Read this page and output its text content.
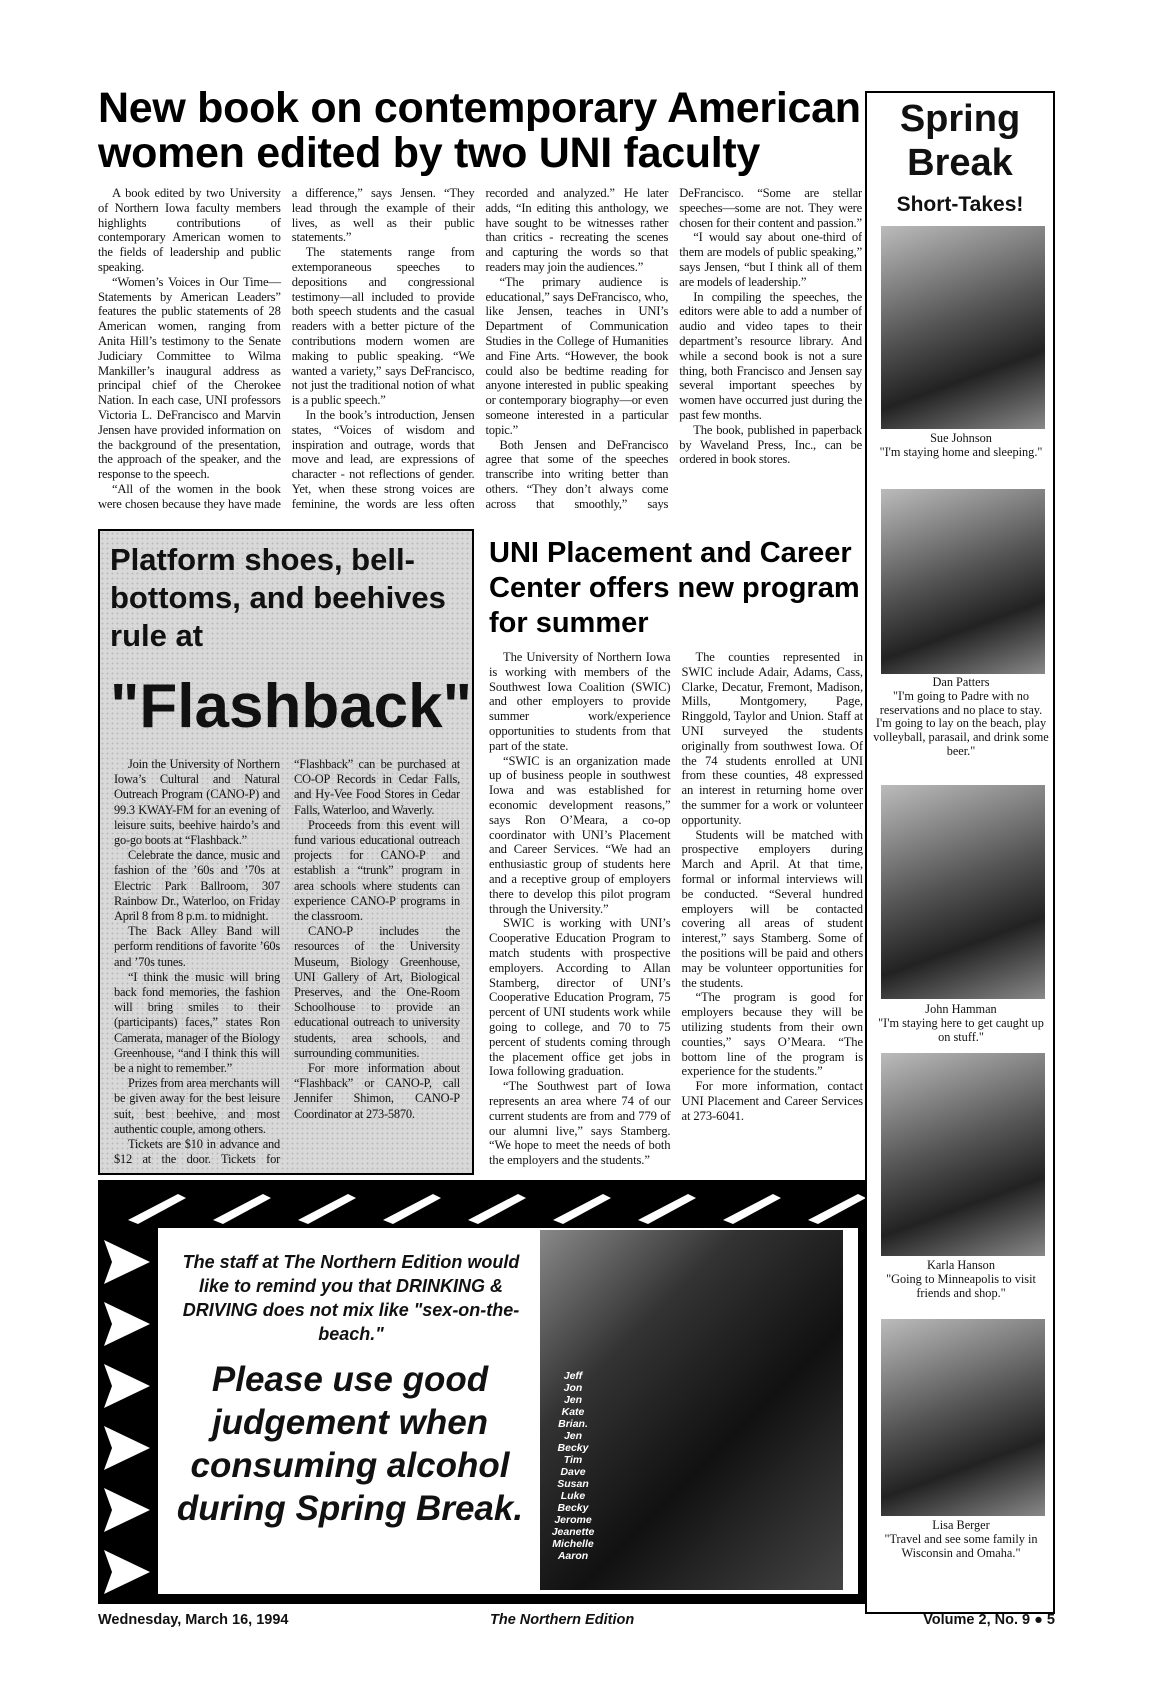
New book on contemporary American women edited by two UNI faculty

A book edited by two University of Northern Iowa faculty members highlights contributions of contemporary American women to the fields of leadership and public speaking.

“Women’s Voices in Our Time—Statements by American Leaders” features the public statements of 28 American women, ranging from Anita Hill’s testimony to the Senate Judiciary Committee to Wilma Mankiller’s inaugural address as principal chief of the Cherokee Nation. In each case, UNI professors Victoria L. DeFrancisco and Marvin Jensen have provided information on the background of the presentation, the approach of the speaker, and the response to the speech.

“All of the women in the book were chosen because they have made a difference,” says Jensen. “They lead through the example of their lives, as well as their public statements.”

The statements range from extemporaneous speeches to depositions and congressional testimony—all included to provide both speech students and the casual readers with a better picture of the contributions modern women are making to public speaking. “We wanted a variety,” says DeFrancisco, not just the traditional notion of what is a public speech.”

In the book’s introduction, Jensen states, “Voices of wisdom and inspiration and outrage, words that move and lead, are expressions of character - not reflections of gender. Yet, when these strong voices are feminine, the words are less often recorded and analyzed.” He later adds, “In editing this anthology, we have sought to be witnesses rather than critics - recreating the scenes and capturing the words so that readers may join the audiences.”

“The primary audience is educational,” says DeFrancisco, who, like Jensen, teaches in UNI’s Department of Communication Studies in the College of Humanities and Fine Arts. “However, the book could also be bedtime reading for anyone interested in public speaking or contemporary biography—or even someone interested in a particular topic.”

Both Jensen and DeFrancisco agree that some of the speeches transcribe into writing better than others. “They don’t always come across that smoothly,” says DeFrancisco. “Some are stellar speeches—some are not. They were chosen for their content and passion.”

“I would say about one-third of them are models of public speaking,” says Jensen, “but I think all of them are models of leadership.”

In compiling the speeches, the editors were able to add a number of audio and video tapes to their department’s resource library. And while a second book is not a sure thing, both Francisco and Jensen say several important speeches by women have occurred just during the past few months.

The book, published in paperback by Waveland Press, Inc., can be ordered in book stores.

Platform shoes, bell-bottoms, and beehives rule at
"Flashback"

Join the University of Northern Iowa’s Cultural and Natural Outreach Program (CANO-P) and 99.3 KWAY-FM for an evening of leisure suits, beehive hairdo’s and go-go boots at “Flashback.”

Celebrate the dance, music and fashion of the ’60s and ’70s at Electric Park Ballroom, 307 Rainbow Dr., Waterloo, on Friday April 8 from 8 p.m. to midnight.

The Back Alley Band will perform renditions of favorite ’60s and ’70s tunes.

“I think the music will bring back fond memories, the fashion will bring smiles to their (participants) faces,” states Ron Camerata, manager of the Biology Greenhouse, “and I think this will be a night to remember.”

Prizes from area merchants will be given away for the best leisure suit, best beehive, and most authentic couple, among others.

Tickets are $10 in advance and $12 at the door. Tickets for “Flashback” can be purchased at CO-OP Records in Cedar Falls, and Hy-Vee Food Stores in Cedar Falls, Waterloo, and Waverly.

Proceeds from this event will fund various educational outreach projects for CANO-P and establish a “trunk” program in area schools where students can experience CANO-P programs in the classroom.

CANO-P includes the resources of the University Museum, Biology Greenhouse, UNI Gallery of Art, Biological Preserves, and the One-Room Schoolhouse to provide an educational outreach to university students, area schools, and surrounding communities.

For more information about “Flashback” or CANO-P, call Jennifer Shimon, CANO-P Coordinator at 273-5870.

UNI Placement and Career Center offers new program for summer

The University of Northern Iowa is working with members of the Southwest Iowa Coalition (SWIC) and other employers to provide summer work/experience opportunities to students from that part of the state.

“SWIC is an organization made up of business people in southwest Iowa and was established for economic development reasons,” says Ron O’Meara, a co-op coordinator with UNI’s Placement and Career Services. “We had an enthusiastic group of students here and a receptive group of employers there to develop this pilot program through the University.”

SWIC is working with UNI’s Cooperative Education Program to match students with prospective employers. According to Allan Stamberg, director of UNI’s Cooperative Education Program, 75 percent of UNI students work while going to college, and 70 to 75 percent of students coming through the placement office get jobs in Iowa following graduation.

“The Southwest part of Iowa represents an area where 74 of our current students are from and 779 of our alumni live,” says Stamberg. “We hope to meet the needs of both the employers and the students.”

The counties represented in SWIC include Adair, Adams, Cass, Clarke, Decatur, Fremont, Madison, Mills, Montgomery, Page, Ringgold, Taylor and Union. Staff at UNI surveyed the students originally from southwest Iowa. Of the 74 students enrolled at UNI from these counties, 48 expressed an interest in returning home over the summer for a work or volunteer opportunity.

Students will be matched with prospective employers during March and April. At that time, formal or informal interviews will be conducted. “Several hundred employers will be contacted covering all areas of student interest,” says Stamberg. Some of the positions will be paid and others may be volunteer opportunities for the students.

“The program is good for employers because they will be utilizing students from their own counties,” says O’Meara. “The bottom line of the program is experience for the students.”

For more information, contact UNI Placement and Career Services at 273-6041.

Spring Break
Short-Takes!
Sue Johnson
"I'm staying home and sleeping."
Dan Patters
"I'm going to Padre with no reservations and no place to stay. I'm going to lay on the beach, play volleyball, parasail, and drink some beer."
John Hamman
"I'm staying here to get caught up on stuff."
Karla Hanson
"Going to Minneapolis to visit friends and shop."
Lisa Berger
"Travel and see some family in Wisconsin and Omaha."
The staff at The Northern Edition would like to remind you that DRINKING & DRIVING does not mix like "sex-on-the-beach."
Please use good judgement when consuming alcohol during Spring Break.
Jeff
Jon
Jen
Kate
Brian.
Jen
Becky
Tim
Dave
Susan
Luke
Becky
Jerome
Jeanette
Michelle
Aaron
Wednesday, March 16, 1994	The Northern Edition	Volume 2, No. 9 ● 5
